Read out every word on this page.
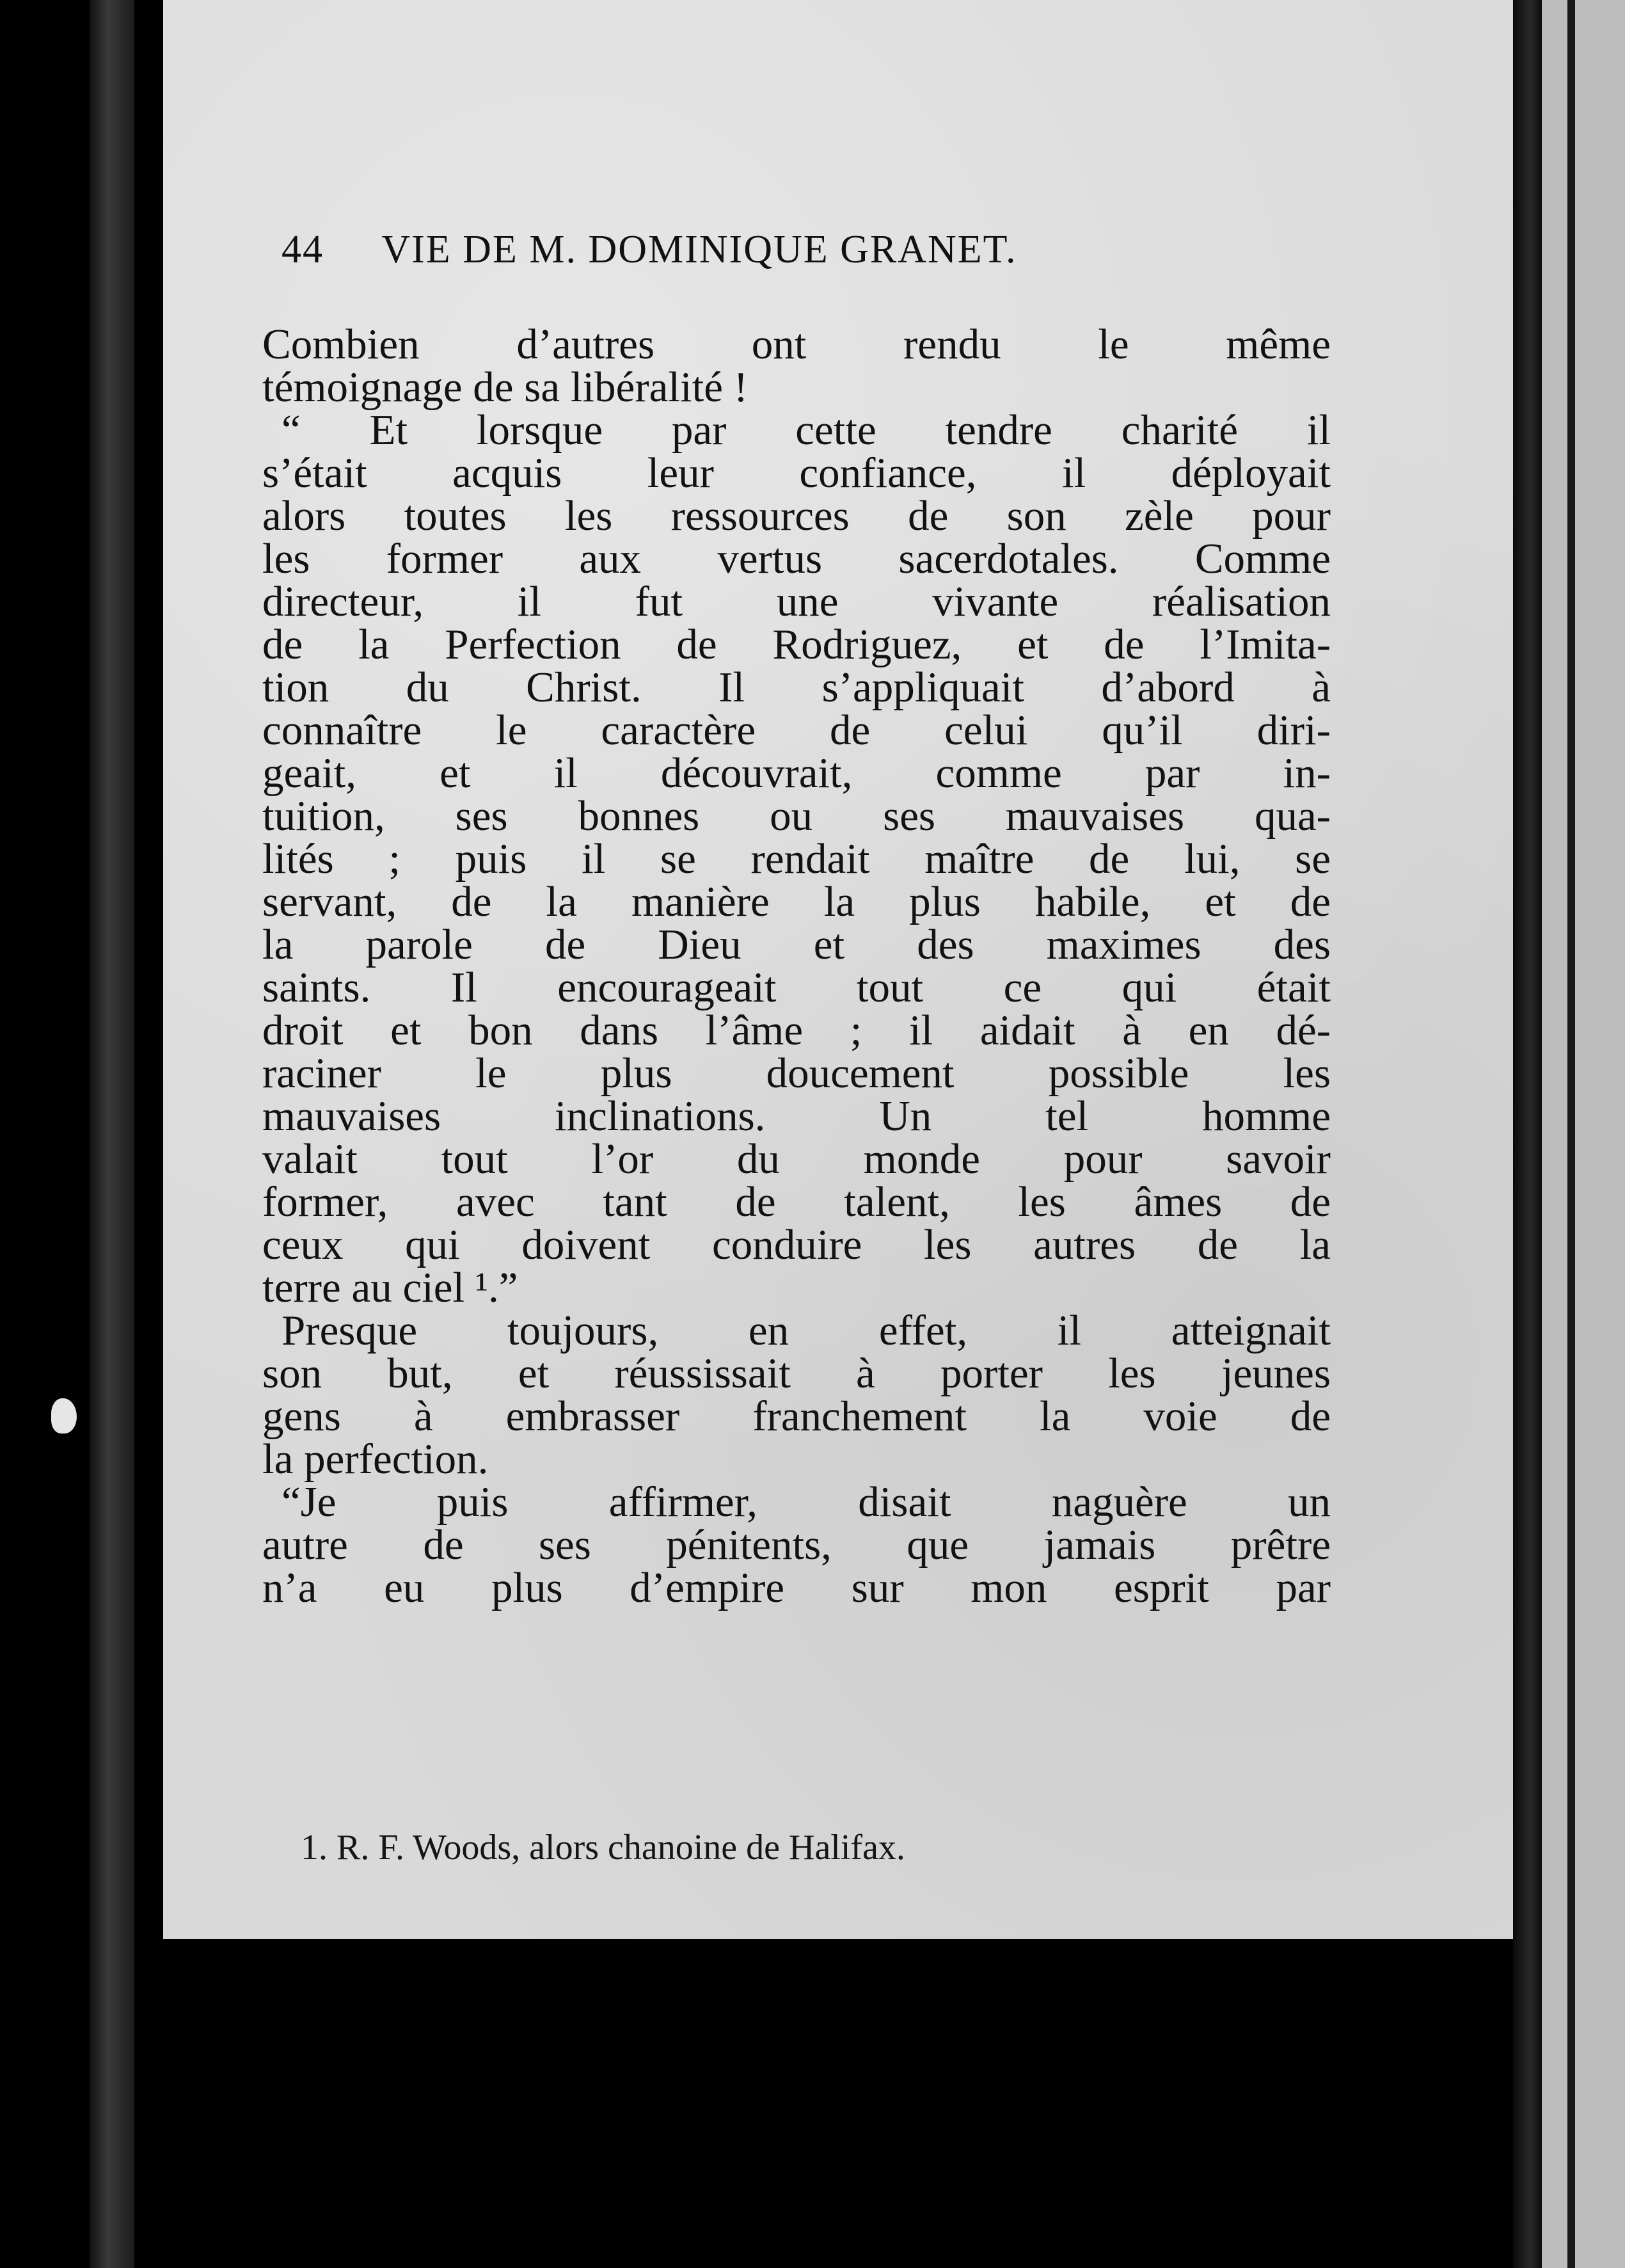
44 VIE DE M. DOMINIQUE GRANET.
Combien d’autres ont rendu le même
témoignage de sa libéralité !
“ Et lorsque par cette tendre charité il
s’était acquis leur confiance, il déployait
alors toutes les ressources de son zèle pour
les former aux vertus sacerdotales. Comme
directeur, il fut une vivante réalisation
de la Perfection de Rodriguez, et de l’Imita-
tion du Christ. Il s’appliquait d’abord à
connaître le caractère de celui qu’il diri-
geait, et il découvrait, comme par in-
tuition, ses bonnes ou ses mauvaises qua-
lités ; puis il se rendait maître de lui, se
servant, de la manière la plus habile, et de
la parole de Dieu et des maximes des
saints. Il encourageait tout ce qui était
droit et bon dans l’âme ; il aidait à en dé-
raciner le plus doucement possible les
mauvaises inclinations. Un tel homme
valait tout l’or du monde pour savoir
former, avec tant de talent, les âmes de
ceux qui doivent conduire les autres de la
terre au ciel ¹.”
Presque toujours, en effet, il atteignait
son but, et réussissait à porter les jeunes
gens à embrasser franchement la voie de
la perfection.
“Je puis affirmer, disait naguère un
autre de ses pénitents, que jamais prêtre
n’a eu plus d’empire sur mon esprit par
1. R. F. Woods, alors chanoine de Halifax.
